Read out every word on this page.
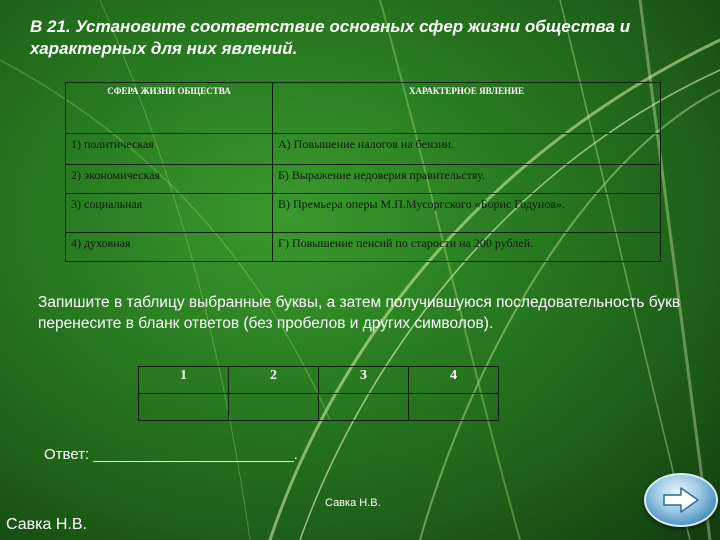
В 21. Установите соответствие основных сфер жизни общества и характерных для них явлений.
СФЕРА ЖИЗНИ ОБЩЕСТВА	ХАРАКТЕРНОЕ ЯВЛЕНИЕ
1) политическая	А) Повышение налогов на бензин.
2) экономическая	Б) Выражение недоверия правительству.
3) социальная	В) Премьера оперы М.П.Мусоргского «Борис Годунов».
4) духовная	Г) Повышение пенсий по старости на 200 рублей.
Запишите в таблицу выбранные буквы, а затем получившуюся последовательность букв перенесите в бланк ответов (без пробелов и других символов).
1	2	3	4

Ответ: ________________________.
Савка Н.В.
Савка Н.В.
